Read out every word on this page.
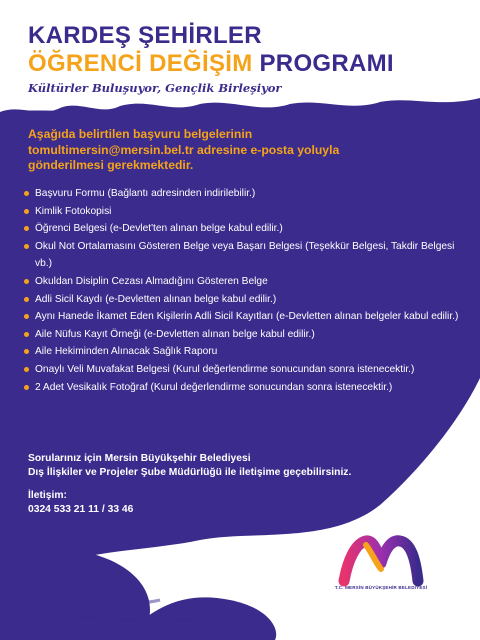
KARDEŞ ŞEHİRLER
ÖĞRENCİ DEĞİŞİM PROGRAMI
Kültürler Buluşuyor, Gençlik Birleşiyor
Aşağıda belirtilen başvuru belgelerinin
tomultimersin@mersin.bel.tr adresine e-posta yoluyla
gönderilmesi gerekmektedir.
Başvuru Formu (Bağlantı adresinden indirilebilir.)
Kimlik Fotokopisi
Öğrenci Belgesi (e-Devlet'ten alınan belge kabul edilir.)
Okul Not Ortalamasını Gösteren Belge veya Başarı Belgesi (Teşekkür Belgesi, Takdir Belgesi vb.)
Okuldan Disiplin Cezası Almadığını Gösteren Belge
Adli Sicil Kaydı (e-Devletten alınan belge kabul edilir.)
Aynı Hanede İkamet Eden Kişilerin Adli Sicil Kayıtları (e-Devletten alınan belgeler kabul edilir.)
Aile Nüfus Kayıt Örneği (e-Devletten alınan belge kabul edilir.)
Aile Hekiminden Alınacak Sağlık Raporu
Onaylı Veli Muvafakat Belgesi (Kurul değerlendirme sonucundan sonra istenecektir.)
2 Adet Vesikalık Fotoğraf (Kurul değerlendirme sonucundan sonra istenecektir.)
Sorularınız için Mersin Büyükşehir Belediyesi
Dış İlişkiler ve Projeler Şube Müdürlüğü ile iletişime geçebilirsiniz.
İletişim:
0324 533 21 11 / 33 46
T.C. MERSİN BÜYÜKŞEHİR BELEDİYESİ
